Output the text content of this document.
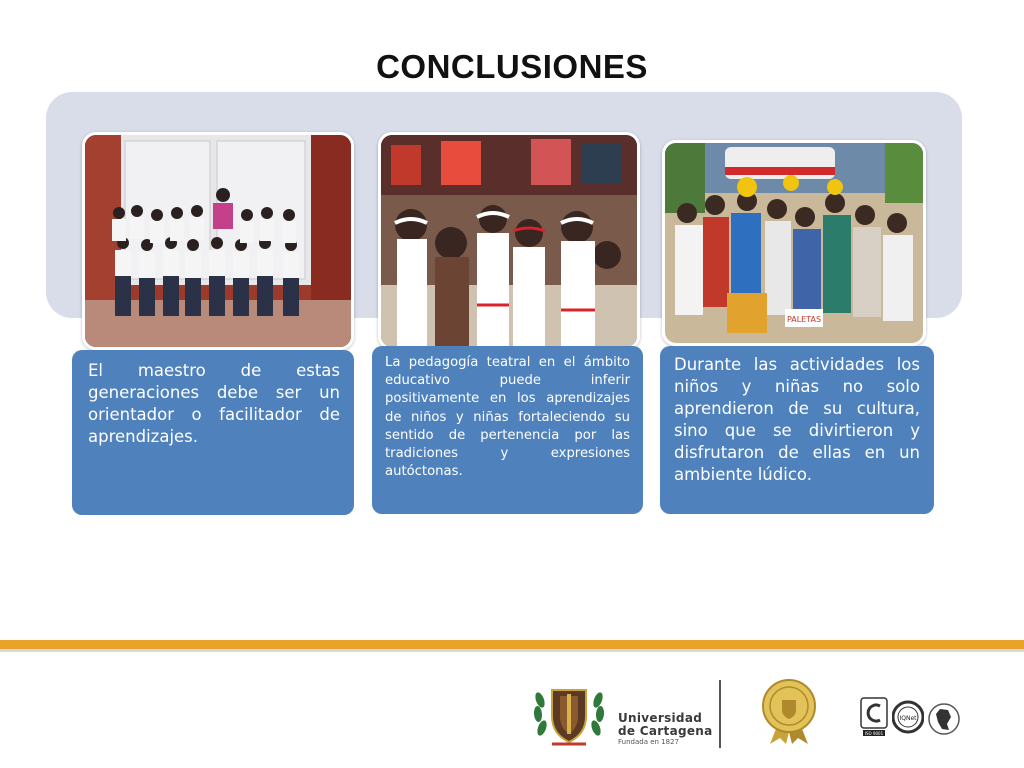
CONCLUSIONES
PALETAS
El maestro de estas generaciones debe ser un orientador o facilitador de aprendizajes.
La pedagogía teatral en el ámbito educativo puede inferir positivamente en los aprendizajes de niños y niñas fortaleciendo su sentido de pertenencia por las tradiciones y expresiones autóctonas.
Durante las actividades los niños y niñas no solo aprendieron de su cultura, sino que se divirtieron y disfrutaron de ellas en un ambiente lúdico.
Universidad
de Cartagena
Fundada en 1827
ISO 9001
IQNet
